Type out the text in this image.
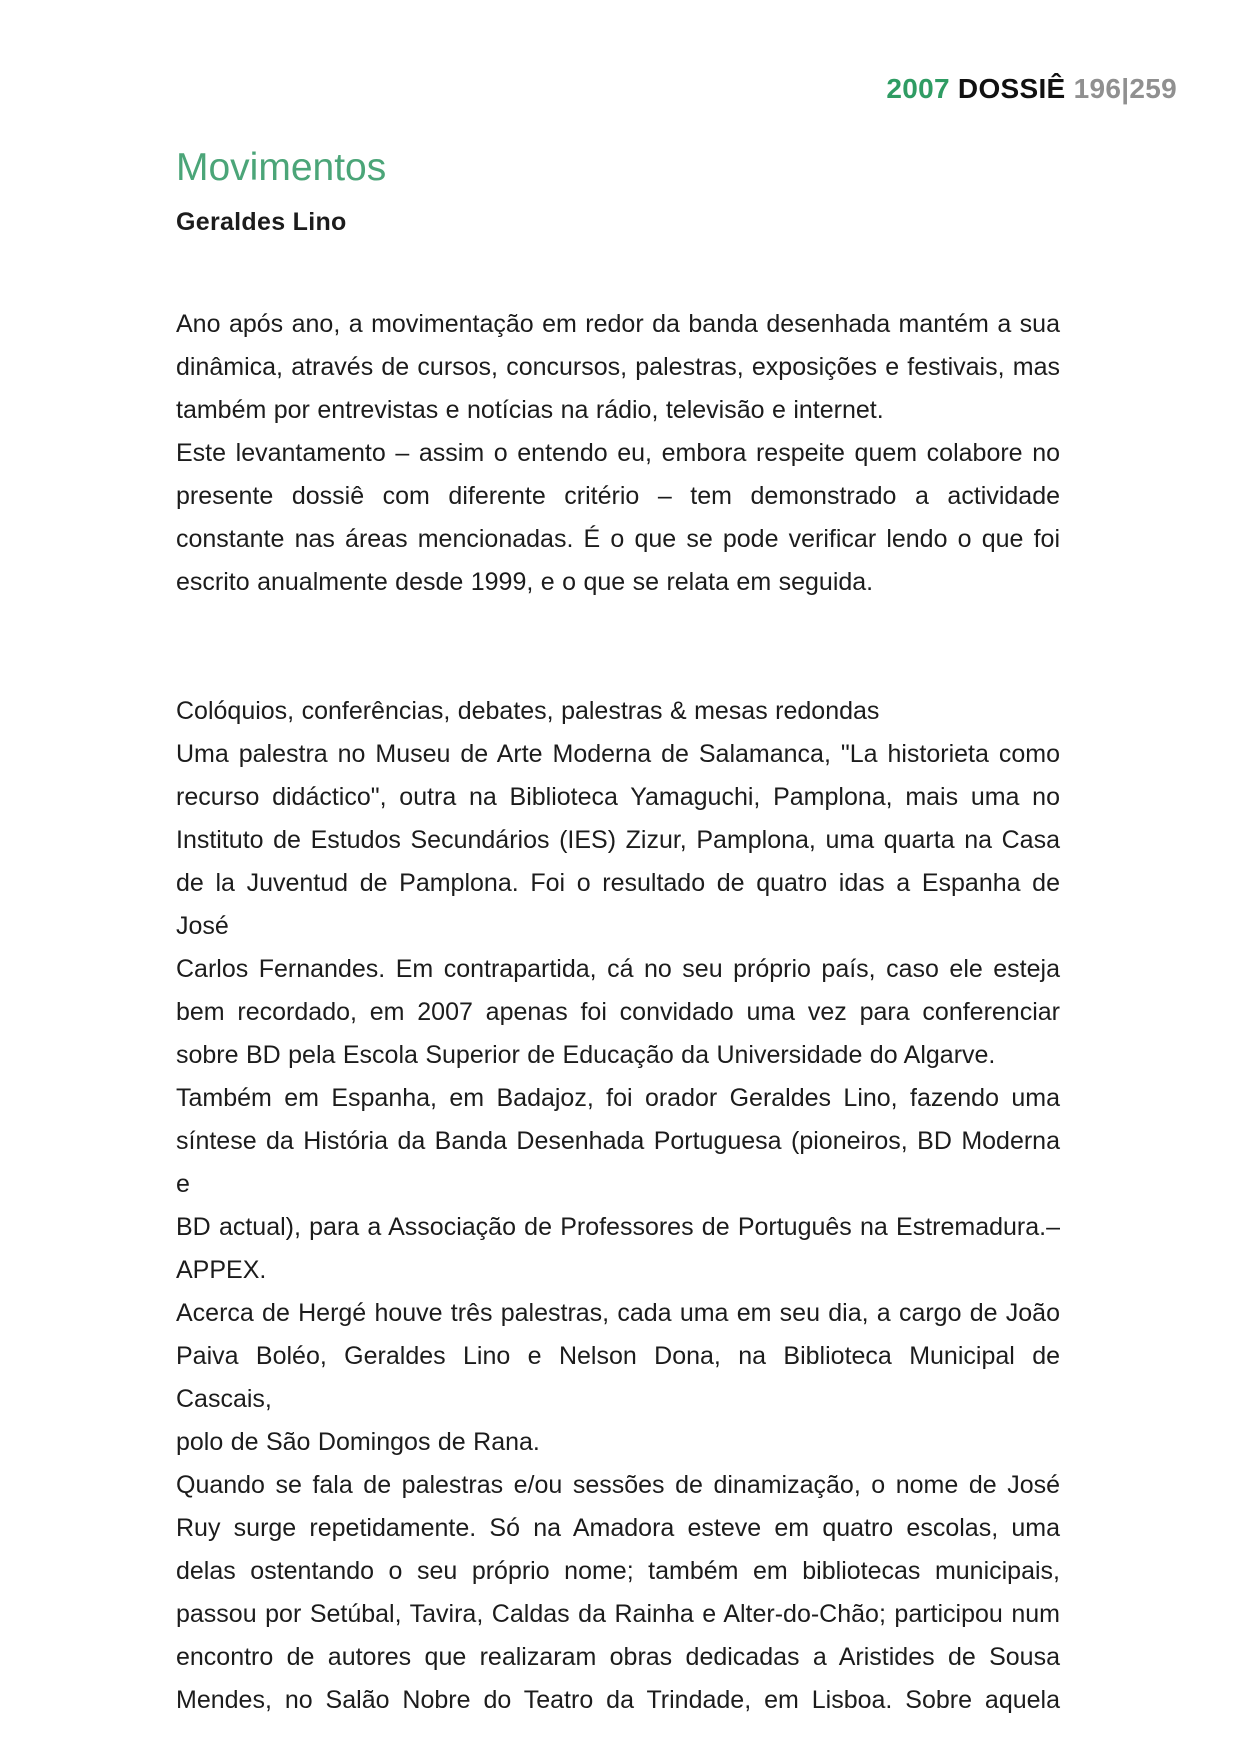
2007 DOSSIÊ 196|259
Movimentos
Geraldes Lino
Ano após ano, a movimentação em redor da banda desenhada mantém a sua
dinâmica, através de cursos, concursos, palestras, exposições e festivais, mas
também por entrevistas e notícias na rádio, televisão e internet.
Este levantamento – assim o entendo eu, embora respeite quem colabore no
presente dossiê com diferente critério – tem demonstrado a actividade
constante nas áreas mencionadas. É o que se pode verificar lendo o que foi
escrito anualmente desde 1999, e o que se relata em seguida.
Colóquios, conferências, debates, palestras & mesas redondas
Uma palestra no Museu de Arte Moderna de Salamanca, "La historieta como
recurso didáctico", outra na Biblioteca Yamaguchi, Pamplona, mais uma no
Instituto de Estudos Secundários (IES) Zizur, Pamplona, uma quarta na Casa
de la Juventud de Pamplona. Foi o resultado de quatro idas a Espanha de José
Carlos Fernandes. Em contrapartida, cá no seu próprio país, caso ele esteja
bem recordado, em 2007 apenas foi convidado uma vez para conferenciar
sobre BD pela Escola Superior de Educação da Universidade do Algarve.
Também em Espanha, em Badajoz, foi orador Geraldes Lino, fazendo uma
síntese da História da Banda Desenhada Portuguesa (pioneiros, BD Moderna e
BD actual), para a Associação de Professores de Português na Estremadura.–
APPEX.
Acerca de Hergé houve três palestras, cada uma em seu dia, a cargo de João
Paiva Boléo, Geraldes Lino e Nelson Dona, na Biblioteca Municipal de Cascais,
polo de São Domingos de Rana.
Quando se fala de palestras e/ou sessões de dinamização, o nome de José
Ruy surge repetidamente. Só na Amadora esteve em quatro escolas, uma
delas ostentando o seu próprio nome; também em bibliotecas municipais,
passou por Setúbal, Tavira, Caldas da Rainha e Alter-do-Chão; participou num
encontro de autores que realizaram obras dedicadas a Aristides de Sousa
Mendes, no Salão Nobre do Teatro da Trindade, em Lisboa. Sobre aquela
